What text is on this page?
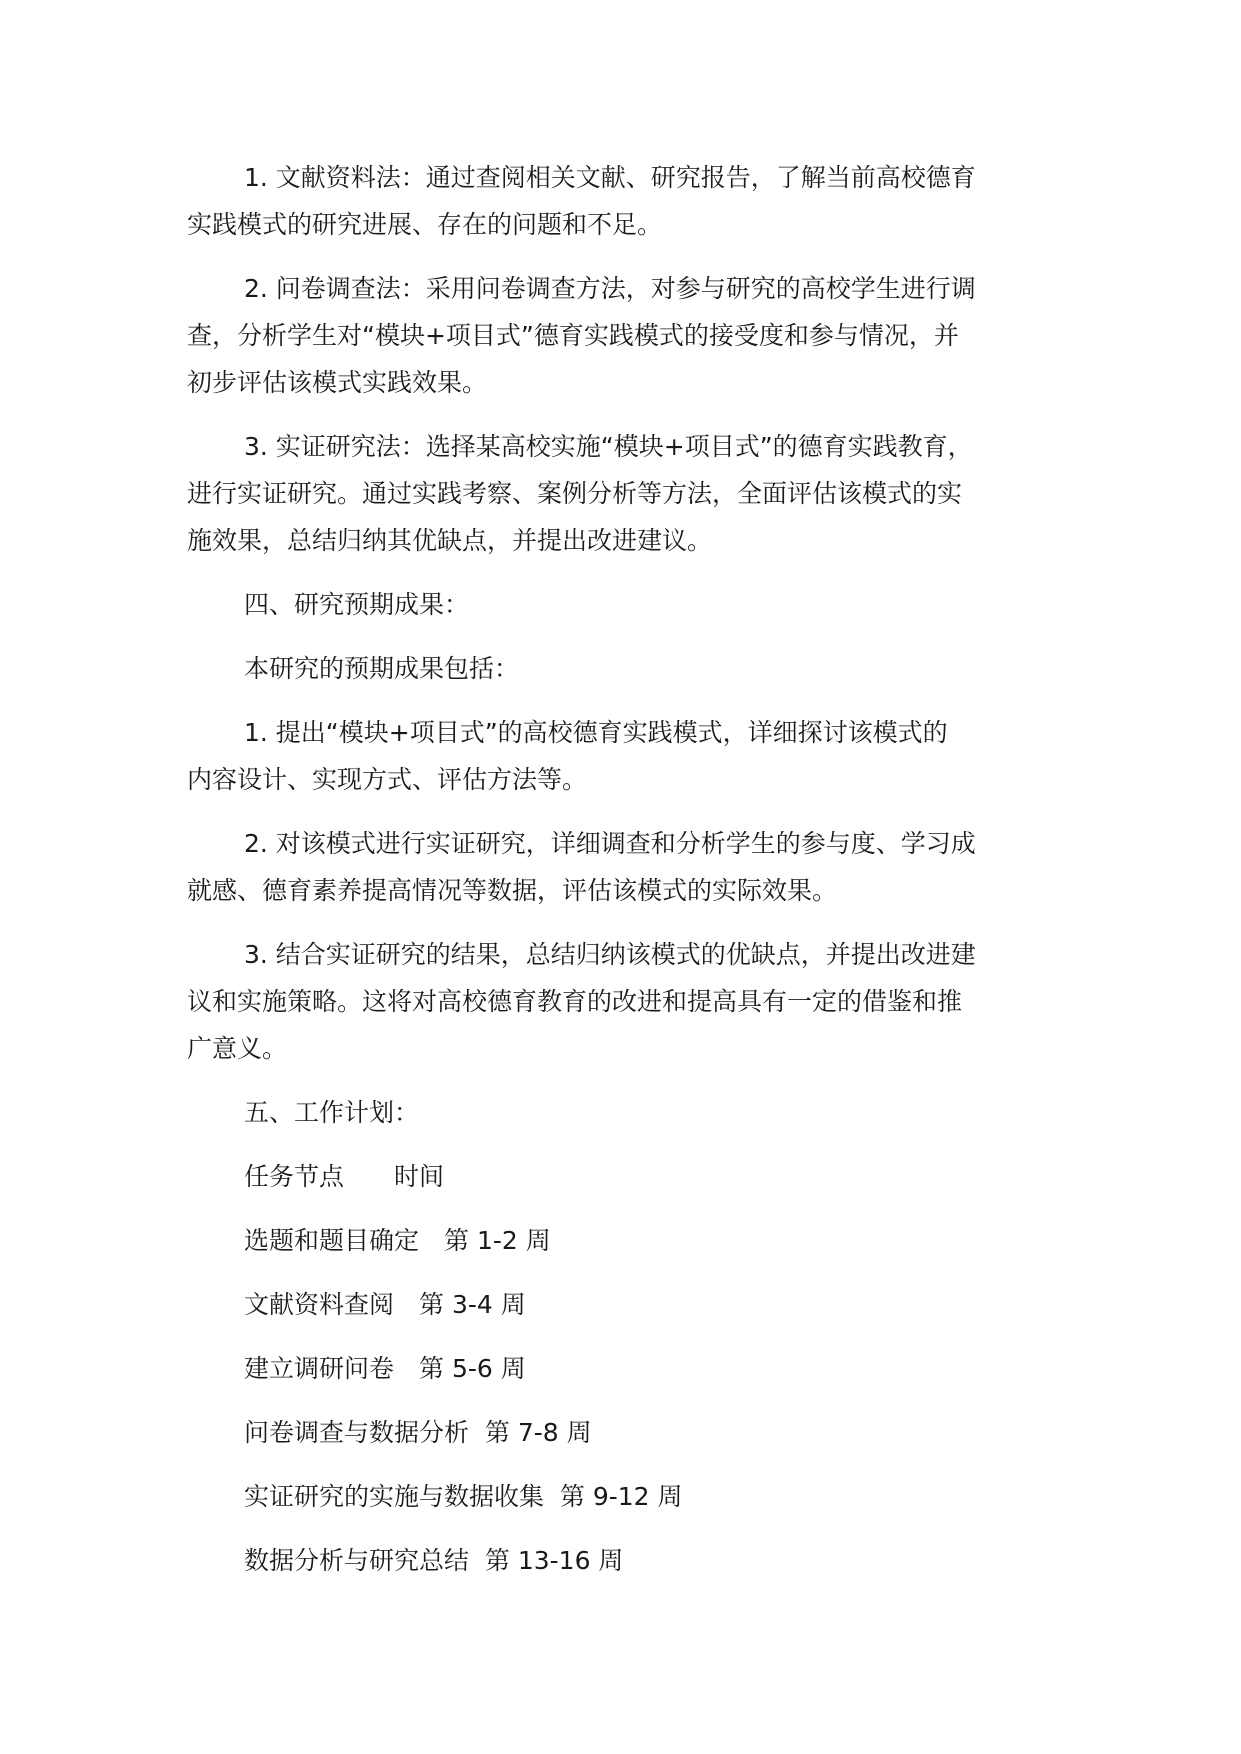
1. 文献资料法：通过查阅相关文献、研究报告，了解当前高校德育
实践模式的研究进展、存在的问题和不足。
2. 问卷调查法：采用问卷调查方法，对参与研究的高校学生进行调
查，分析学生对“模块+项目式”德育实践模式的接受度和参与情况，并
初步评估该模式实践效果。
3. 实证研究法：选择某高校实施“模块+项目式”的德育实践教育，
进行实证研究。通过实践考察、案例分析等方法，全面评估该模式的实
施效果，总结归纳其优缺点，并提出改进建议。
四、研究预期成果：
本研究的预期成果包括：
1. 提出“模块+项目式”的高校德育实践模式，详细探讨该模式的
内容设计、实现方式、评估方法等。
2. 对该模式进行实证研究，详细调查和分析学生的参与度、学习成
就感、德育素养提高情况等数据，评估该模式的实际效果。
3. 结合实证研究的结果，总结归纳该模式的优缺点，并提出改进建
议和实施策略。这将对高校德育教育的改进和提高具有一定的借鉴和推
广意义。
五、工作计划：
任务节点　　时间
选题和题目确定　第 1-2 周
文献资料查阅　第 3-4 周
建立调研问卷　第 5-6 周
问卷调查与数据分析  第 7-8 周
实证研究的实施与数据收集  第 9-12 周
数据分析与研究总结  第 13-16 周
